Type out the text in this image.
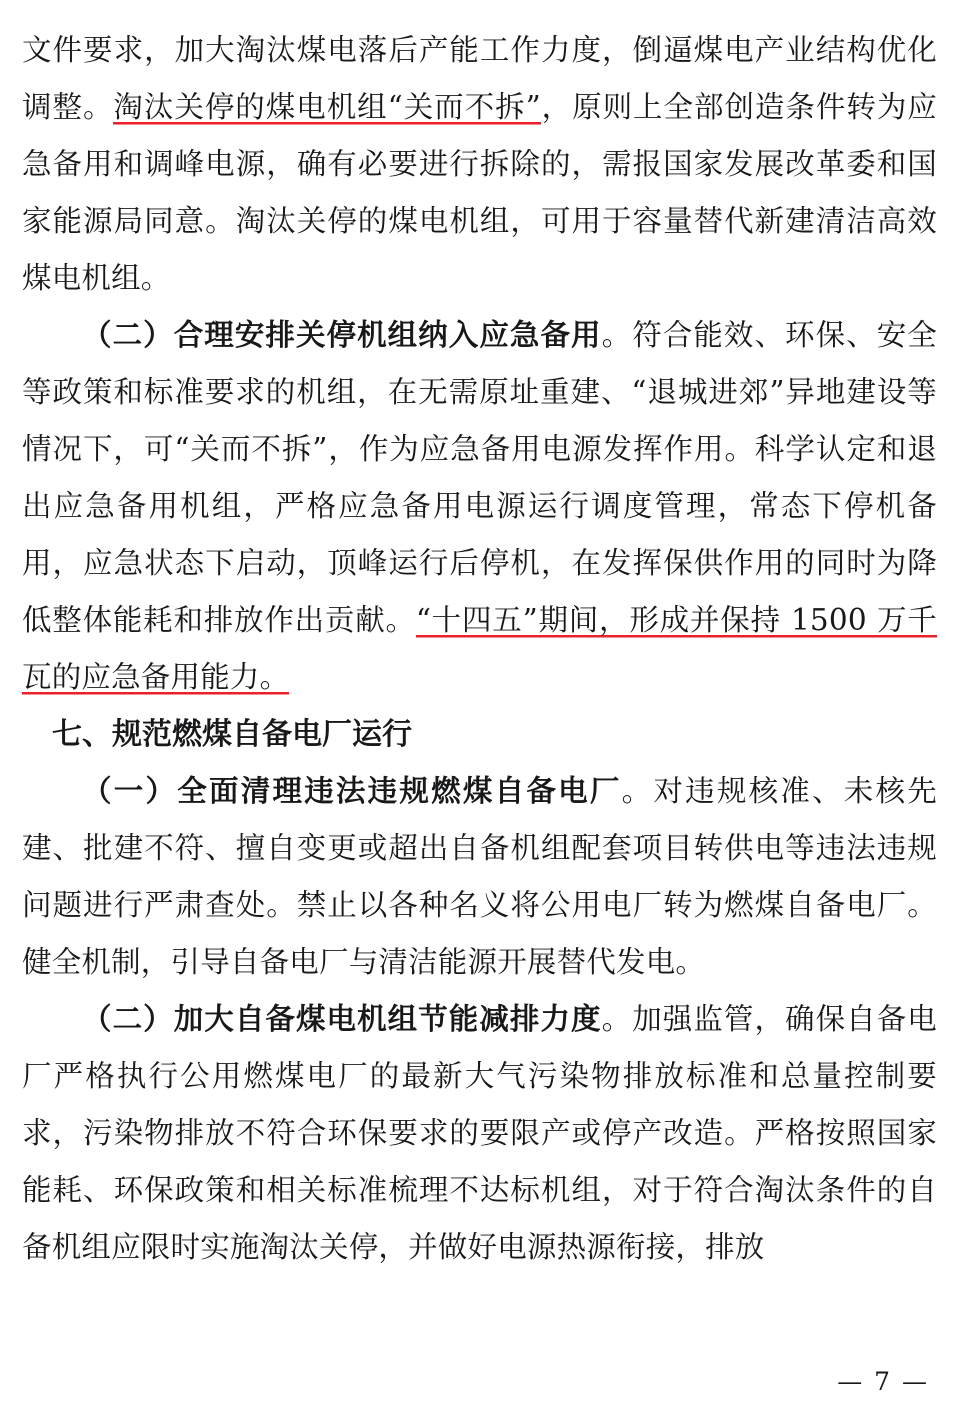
文件要求，加大淘汰煤电落后产能工作力度，倒逼煤电产业结构优化调整。淘汰关停的煤电机组“关而不拆”，原则上全部创造条件转为应急备用和调峰电源，确有必要进行拆除的，需报国家发展改革委和国家能源局同意。淘汰关停的煤电机组，可用于容量替代新建清洁高效煤电机组。

（二）合理安排关停机组纳入应急备用。符合能效、环保、安全等政策和标准要求的机组，在无需原址重建、“退城进郊”异地建设等情况下，可“关而不拆”，作为应急备用电源发挥作用。科学认定和退出应急备用机组，严格应急备用电源运行调度管理，常态下停机备用，应急状态下启动，顶峰运行后停机，在发挥保供作用的同时为降低整体能耗和排放作出贡献。“十四五”期间，形成并保持 1500 万千瓦的应急备用能力。

七、规范燃煤自备电厂运行

（一）全面清理违法违规燃煤自备电厂。对违规核准、未核先建、批建不符、擅自变更或超出自备机组配套项目转供电等违法违规问题进行严肃查处。禁止以各种名义将公用电厂转为燃煤自备电厂。健全机制，引导自备电厂与清洁能源开展替代发电。

（二）加大自备煤电机组节能减排力度。加强监管，确保自备电厂严格执行公用燃煤电厂的最新大气污染物排放标准和总量控制要求，污染物排放不符合环保要求的要限产或停产改造。严格按照国家能耗、环保政策和相关标准梳理不达标机组，对于符合淘汰条件的自备机组应限时实施淘汰关停，并做好电源热源衔接，排放

— 7 —
